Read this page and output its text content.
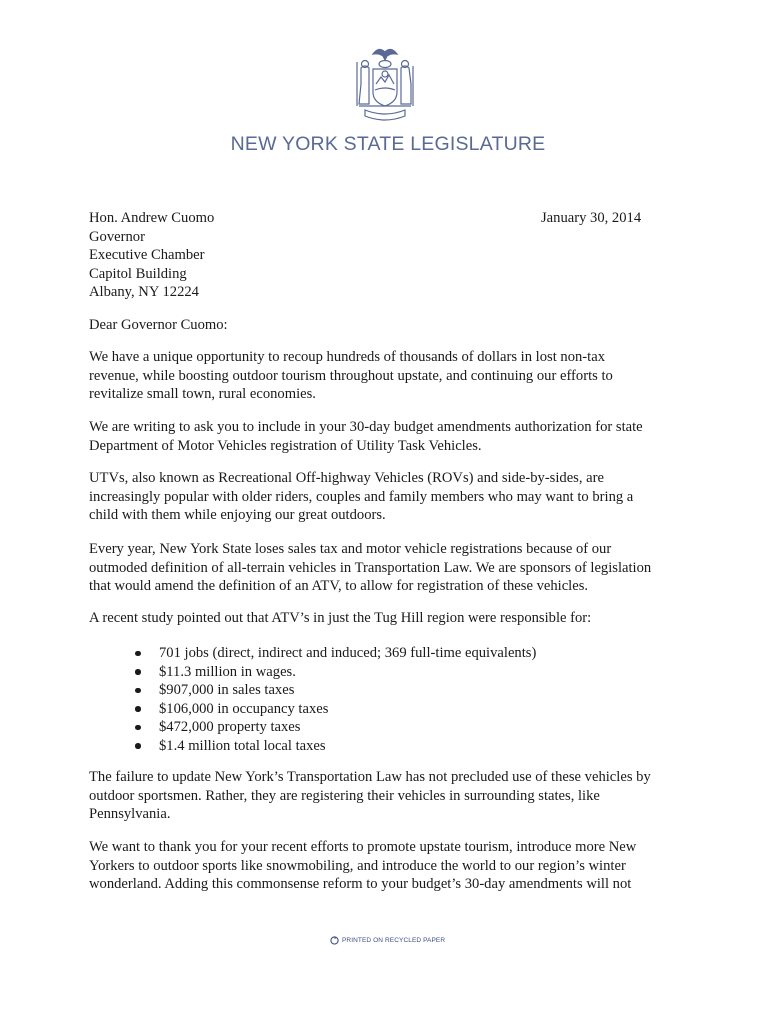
NEW YORK STATE LEGISLATURE
Hon. Andrew Cuomo
Governor
Executive Chamber
Capitol Building
Albany, NY 12224
January 30, 2014
Dear Governor Cuomo:
We have a unique opportunity to recoup hundreds of thousands of dollars in lost non-tax
revenue, while boosting outdoor tourism throughout upstate, and continuing our efforts to
revitalize small town, rural economies.
We are writing to ask you to include in your 30-day budget amendments authorization for state
Department of Motor Vehicles registration of Utility Task Vehicles.
UTVs, also known as Recreational Off-highway Vehicles (ROVs) and side-by-sides, are
increasingly popular with older riders, couples and family members who may want to bring a
child with them while enjoying our great outdoors.
Every year, New York State loses sales tax and motor vehicle registrations because of our
outmoded definition of all-terrain vehicles in Transportation Law. We are sponsors of legislation
that would amend the definition of an ATV, to allow for registration of these vehicles.
A recent study pointed out that ATV’s in just the Tug Hill region were responsible for:
701 jobs (direct, indirect and induced; 369 full-time equivalents)
$11.3 million in wages.
$907,000 in sales taxes
$106,000 in occupancy taxes
$472,000 property taxes
$1.4 million total local taxes
The failure to update New York’s Transportation Law has not precluded use of these vehicles by
outdoor sportsmen. Rather, they are registering their vehicles in surrounding states, like
Pennsylvania.
We want to thank you for your recent efforts to promote upstate tourism, introduce more New
Yorkers to outdoor sports like snowmobiling, and introduce the world to our region’s winter
wonderland. Adding this commonsense reform to your budget’s 30-day amendments will not
PRINTED ON RECYCLED PAPER
